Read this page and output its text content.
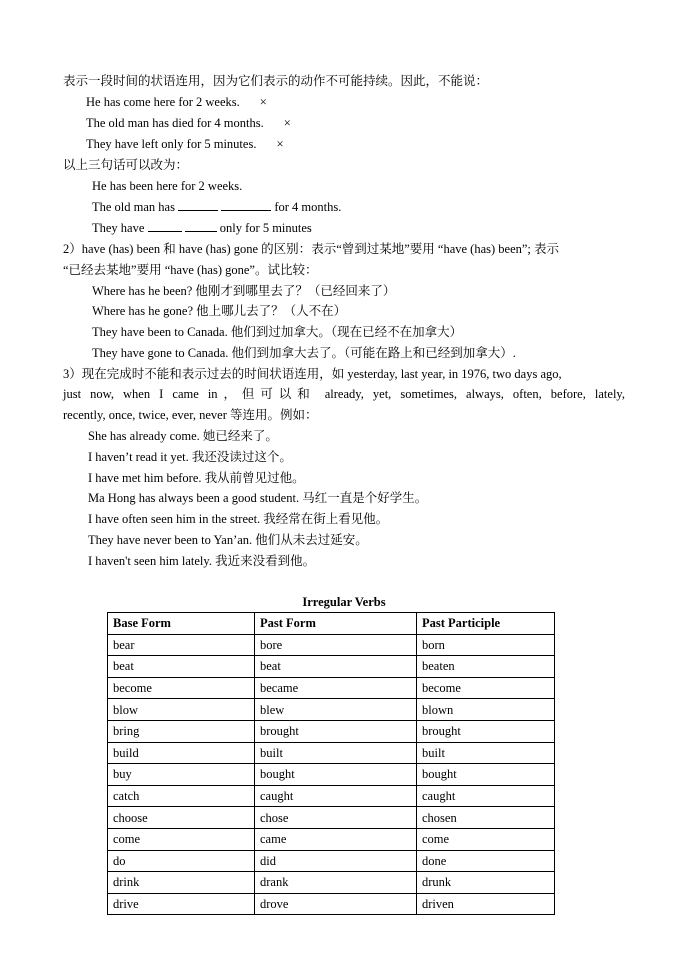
表示一段时间的状语连用，因为它们表示的动作不可能持续。因此，不能说：
He has come here for 2 weeks. ×
The old man has died for 4 months. ×
They have left only for 5 minutes. ×
以上三句话可以改为：
He has been here for 2 weeks.
The old man has	for 4 months.
They have	only for 5 minutes
2）have (has) been 和 have (has) gone 的区别：表示“曾到过某地”要用 “have (has) been”; 表示
“已经去某地”要用 “have (has) gone”。试比较：
Where has he been? 他刚才到哪里去了？（已经回来了）
Where has he gone? 他上哪儿去了？（人不在）
They have been to Canada. 他们到过加拿大。（现在已经不在加拿大）
They have gone to Canada. 他们到加拿大去了。（可能在路上和已经到加拿大）.
3）现在完成时不能和表示过去的时间状语连用，如 yesterday, last year, in 1976, two days ago,
just now, when I came in，但可以和 already, yet, sometimes, always, often, before, lately,
recently, once, twice, ever, never 等连用。例如：
She has already come. 她已经来了。
I haven’t read it yet. 我还没读过这个。
I have met him before. 我从前曾见过他。
Ma Hong has always been a good student. 马红一直是个好学生。
I have often seen him in the street. 我经常在街上看见他。
They have never been to Yan’an. 他们从未去过延安。
I haven't seen him lately. 我近来没看到他。
Irregular Verbs
Base Form	Past Form	Past Participle
bear	bore	born
beat	beat	beaten
become	became	become
blow	blew	blown
bring	brought	brought
build	built	built
buy	bought	bought
catch	caught	caught
choose	chose	chosen
come	came	come
do	did	done
drink	drank	drunk
drive	drove	driven
